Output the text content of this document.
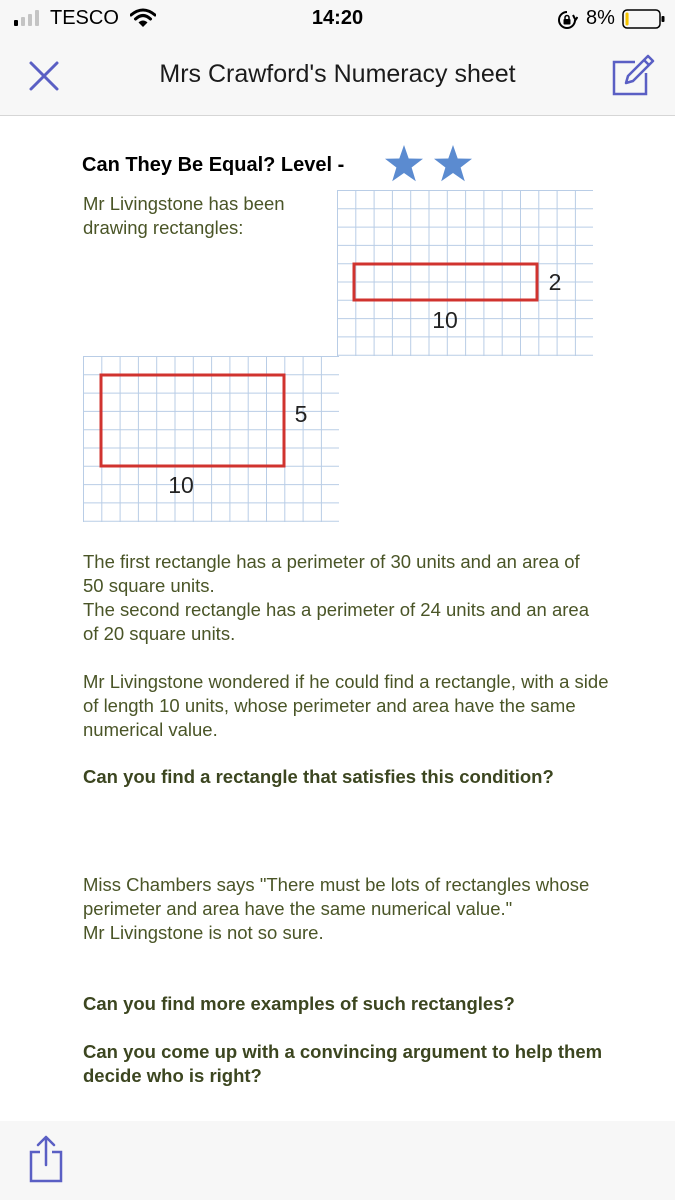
TESCO	14:20	8%
Mrs Crawford's Numeracy sheet
Can They Be Equal? Level -
Mr Livingstone has been drawing rectangles:
2
10
5
10
The first rectangle has a perimeter of 30 units and an area of 50 square units.
The second rectangle has a perimeter of 24 units and an area of 20 square units.
Mr Livingstone wondered if he could find a rectangle, with a side of length 10 units, whose perimeter and area have the same numerical value.
Can you find a rectangle that satisfies this condition?
Miss Chambers says "There must be lots of rectangles whose perimeter and area have the same numerical value."
Mr Livingstone is not so sure.
Can you find more examples of such rectangles?
Can you come up with a convincing argument to help them decide who is right?
